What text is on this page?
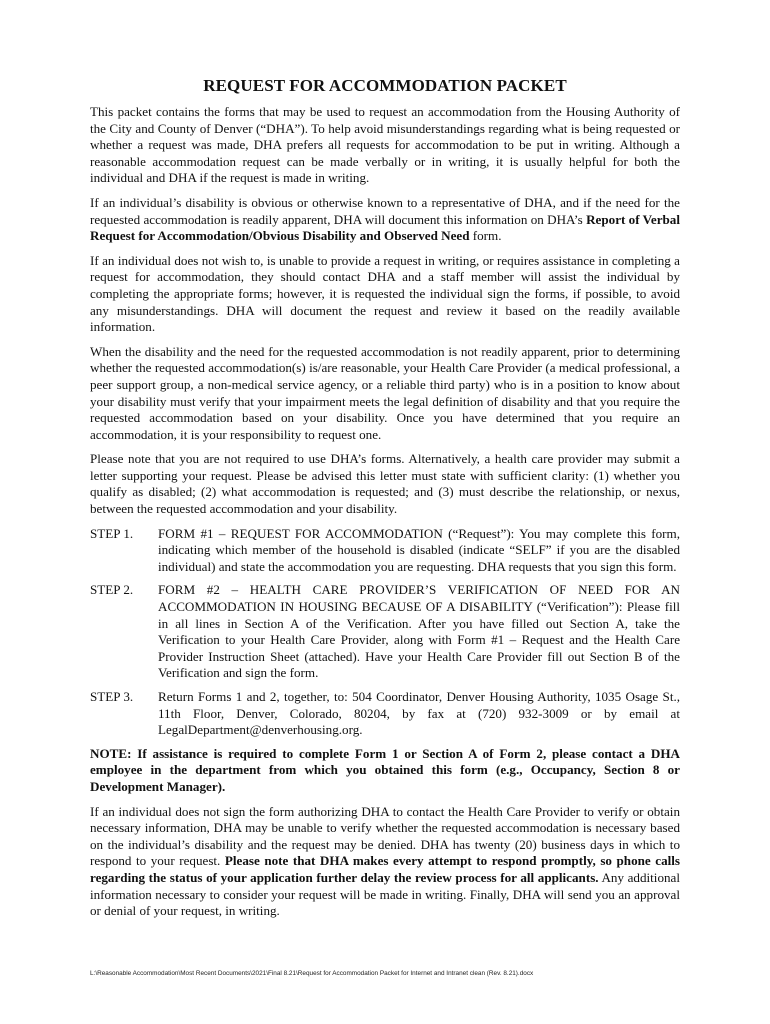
REQUEST FOR ACCOMMODATION PACKET

This packet contains the forms that may be used to request an accommodation from the Housing Authority of the City and County of Denver (“DHA”). To help avoid misunderstandings regarding what is being requested or whether a request was made, DHA prefers all requests for accommodation to be put in writing. Although a reasonable accommodation request can be made verbally or in writing, it is usually helpful for both the individual and DHA if the request is made in writing.

If an individual’s disability is obvious or otherwise known to a representative of DHA, and if the need for the requested accommodation is readily apparent, DHA will document this information on DHA’s Report of Verbal Request for Accommodation/Obvious Disability and Observed Need form.

If an individual does not wish to, is unable to provide a request in writing, or requires assistance in completing a request for accommodation, they should contact DHA and a staff member will assist the individual by completing the appropriate forms; however, it is requested the individual sign the forms, if possible, to avoid any misunderstandings. DHA will document the request and review it based on the readily available information.

When the disability and the need for the requested accommodation is not readily apparent, prior to determining whether the requested accommodation(s) is/are reasonable, your Health Care Provider (a medical professional, a peer support group, a non-medical service agency, or a reliable third party) who is in a position to know about your disability must verify that your impairment meets the legal definition of disability and that you require the requested accommodation based on your disability. Once you have determined that you require an accommodation, it is your responsibility to request one.

Please note that you are not required to use DHA’s forms. Alternatively, a health care provider may submit a letter supporting your request. Please be advised this letter must state with sufficient clarity: (1) whether you qualify as disabled; (2) what accommodation is requested; and (3) must describe the relationship, or nexus, between the requested accommodation and your disability.

STEP 1.	FORM #1 – REQUEST FOR ACCOMMODATION (“Request”): You may complete this form, indicating which member of the household is disabled (indicate “SELF” if you are the disabled individual) and state the accommodation you are requesting. DHA requests that you sign this form.
STEP 2.	FORM #2 – HEALTH CARE PROVIDER’S VERIFICATION OF NEED FOR AN ACCOMMODATION IN HOUSING BECAUSE OF A DISABILITY (“Verification”): Please fill in all lines in Section A of the Verification. After you have filled out Section A, take the Verification to your Health Care Provider, along with Form #1 – Request and the Health Care Provider Instruction Sheet (attached). Have your Health Care Provider fill out Section B of the Verification and sign the form.
STEP 3.	Return Forms 1 and 2, together, to: 504 Coordinator, Denver Housing Authority, 1035 Osage St., 11th Floor, Denver, Colorado, 80204, by fax at (720) 932-3009 or by email at LegalDepartment@denverhousing.org.

NOTE: If assistance is required to complete Form 1 or Section A of Form 2, please contact a DHA employee in the department from which you obtained this form (e.g., Occupancy, Section 8 or Development Manager).

If an individual does not sign the form authorizing DHA to contact the Health Care Provider to verify or obtain necessary information, DHA may be unable to verify whether the requested accommodation is necessary based on the individual’s disability and the request may be denied. DHA has twenty (20) business days in which to respond to your request. Please note that DHA makes every attempt to respond promptly, so phone calls regarding the status of your application further delay the review process for all applicants. Any additional information necessary to consider your request will be made in writing. Finally, DHA will send you an approval or denial of your request, in writing.

L:\Reasonable Accommodation\Most Recent Documents\2021\Final 8.21\Request for Accommodation Packet for Internet and Intranet clean (Rev. 8.21).docx
